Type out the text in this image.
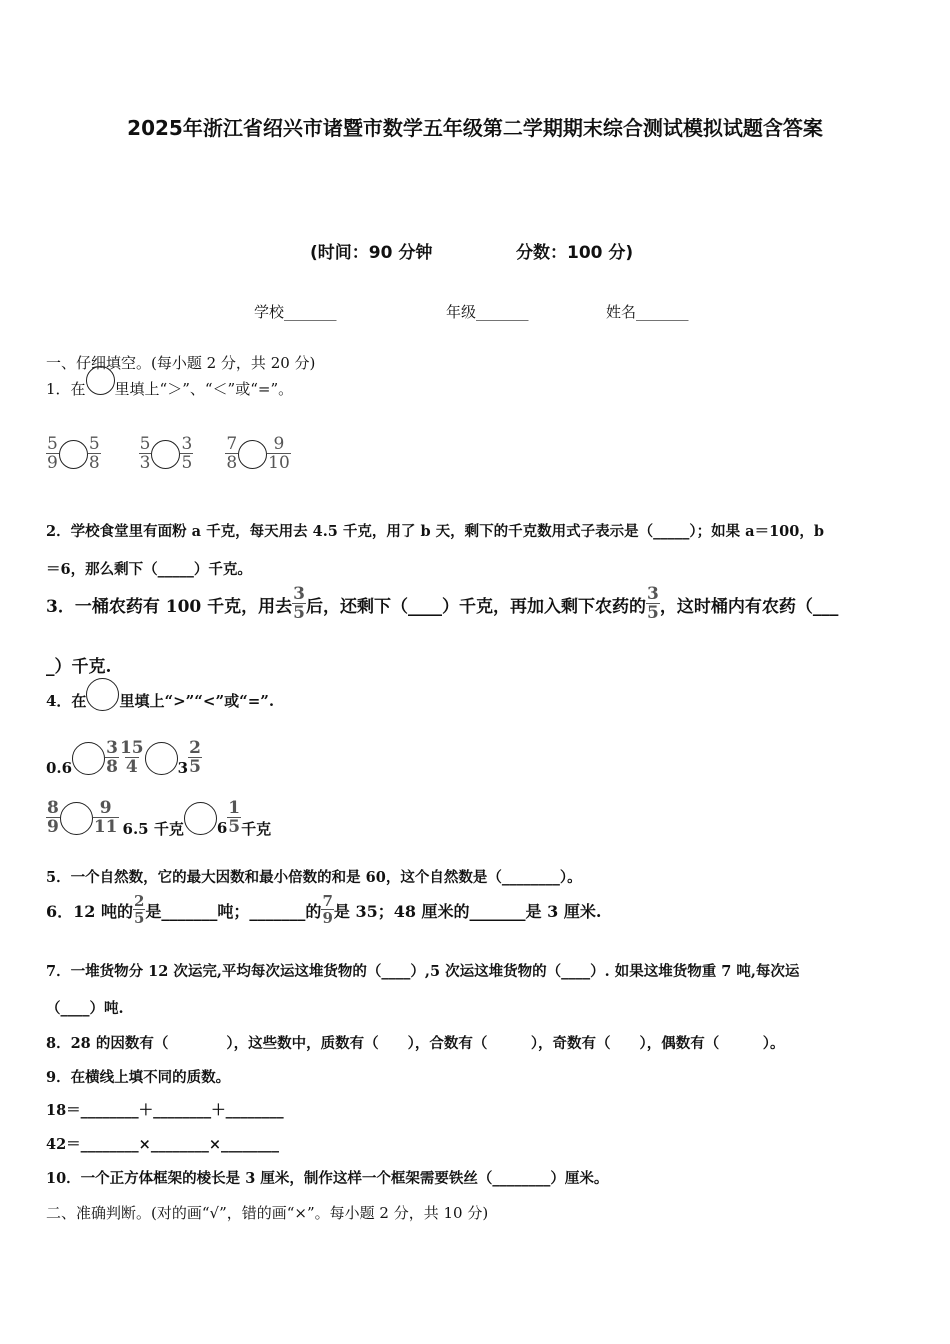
2025年浙江省绍兴市诸暨市数学五年级第二学期期末综合测试模拟试题含答案
(时间：90 分钟	分数：100 分)
学校_______	年级_______	姓名_______
一、仔细填空。(每小题 2 分，共 20 分)
1．在 里填上“＞”、“＜”或“=”。
$\frac{5}{9} \frac{5}{8} \frac{5}{3} \frac{3}{5} \frac{7}{8} \frac{9}{10}$
2．学校食堂里有面粉 a 千克，每天用去 4.5 千克，用了 b 天，剩下的千克数用式子表示是（_____）；如果 a＝100，b
＝6，那么剩下（_____）千克。
3．一桶农药有 100 千克，用去 $\frac{3}{5}$ 后，还剩下（____）千克，再加入剩下农药的 $\frac{3}{5}$ ，这时桶内有农药（___
_）千克.
4．在 里填上“>”“<”或“=”.
$0.6 \frac{3}{8} \frac{15}{4} 3 \frac{2}{5}$
$\frac{8}{9} \frac{9}{11} 6.5$ 千克 $6 \frac{1}{5}$ 千克
5．一个自然数，它的最大因数和最小倍数的和是 60，这个自然数是（________）。
6．12 吨的 $\frac{2}{5}$ 是_______吨；_______的 $\frac{7}{9}$ 是 35；48 厘米的_______是 3 厘米.
7．一堆货物分 12 次运完,平均每次运这堆货物的（____）,5 次运这堆货物的（____）. 如果这堆货物重 7 吨,每次运
（____）吨.
8．28 的因数有（　　　　），这些数中，质数有（　　），合数有（　　　），奇数有（　　），偶数有（　　　）。
9．在横线上填不同的质数。
18＝________＋________＋________
42＝________×________×________
10．一个正方体框架的棱长是 3 厘米，制作这样一个框架需要铁丝（________）厘米。
二、准确判断。(对的画“√”，错的画“×”。每小题 2 分，共 10 分)
